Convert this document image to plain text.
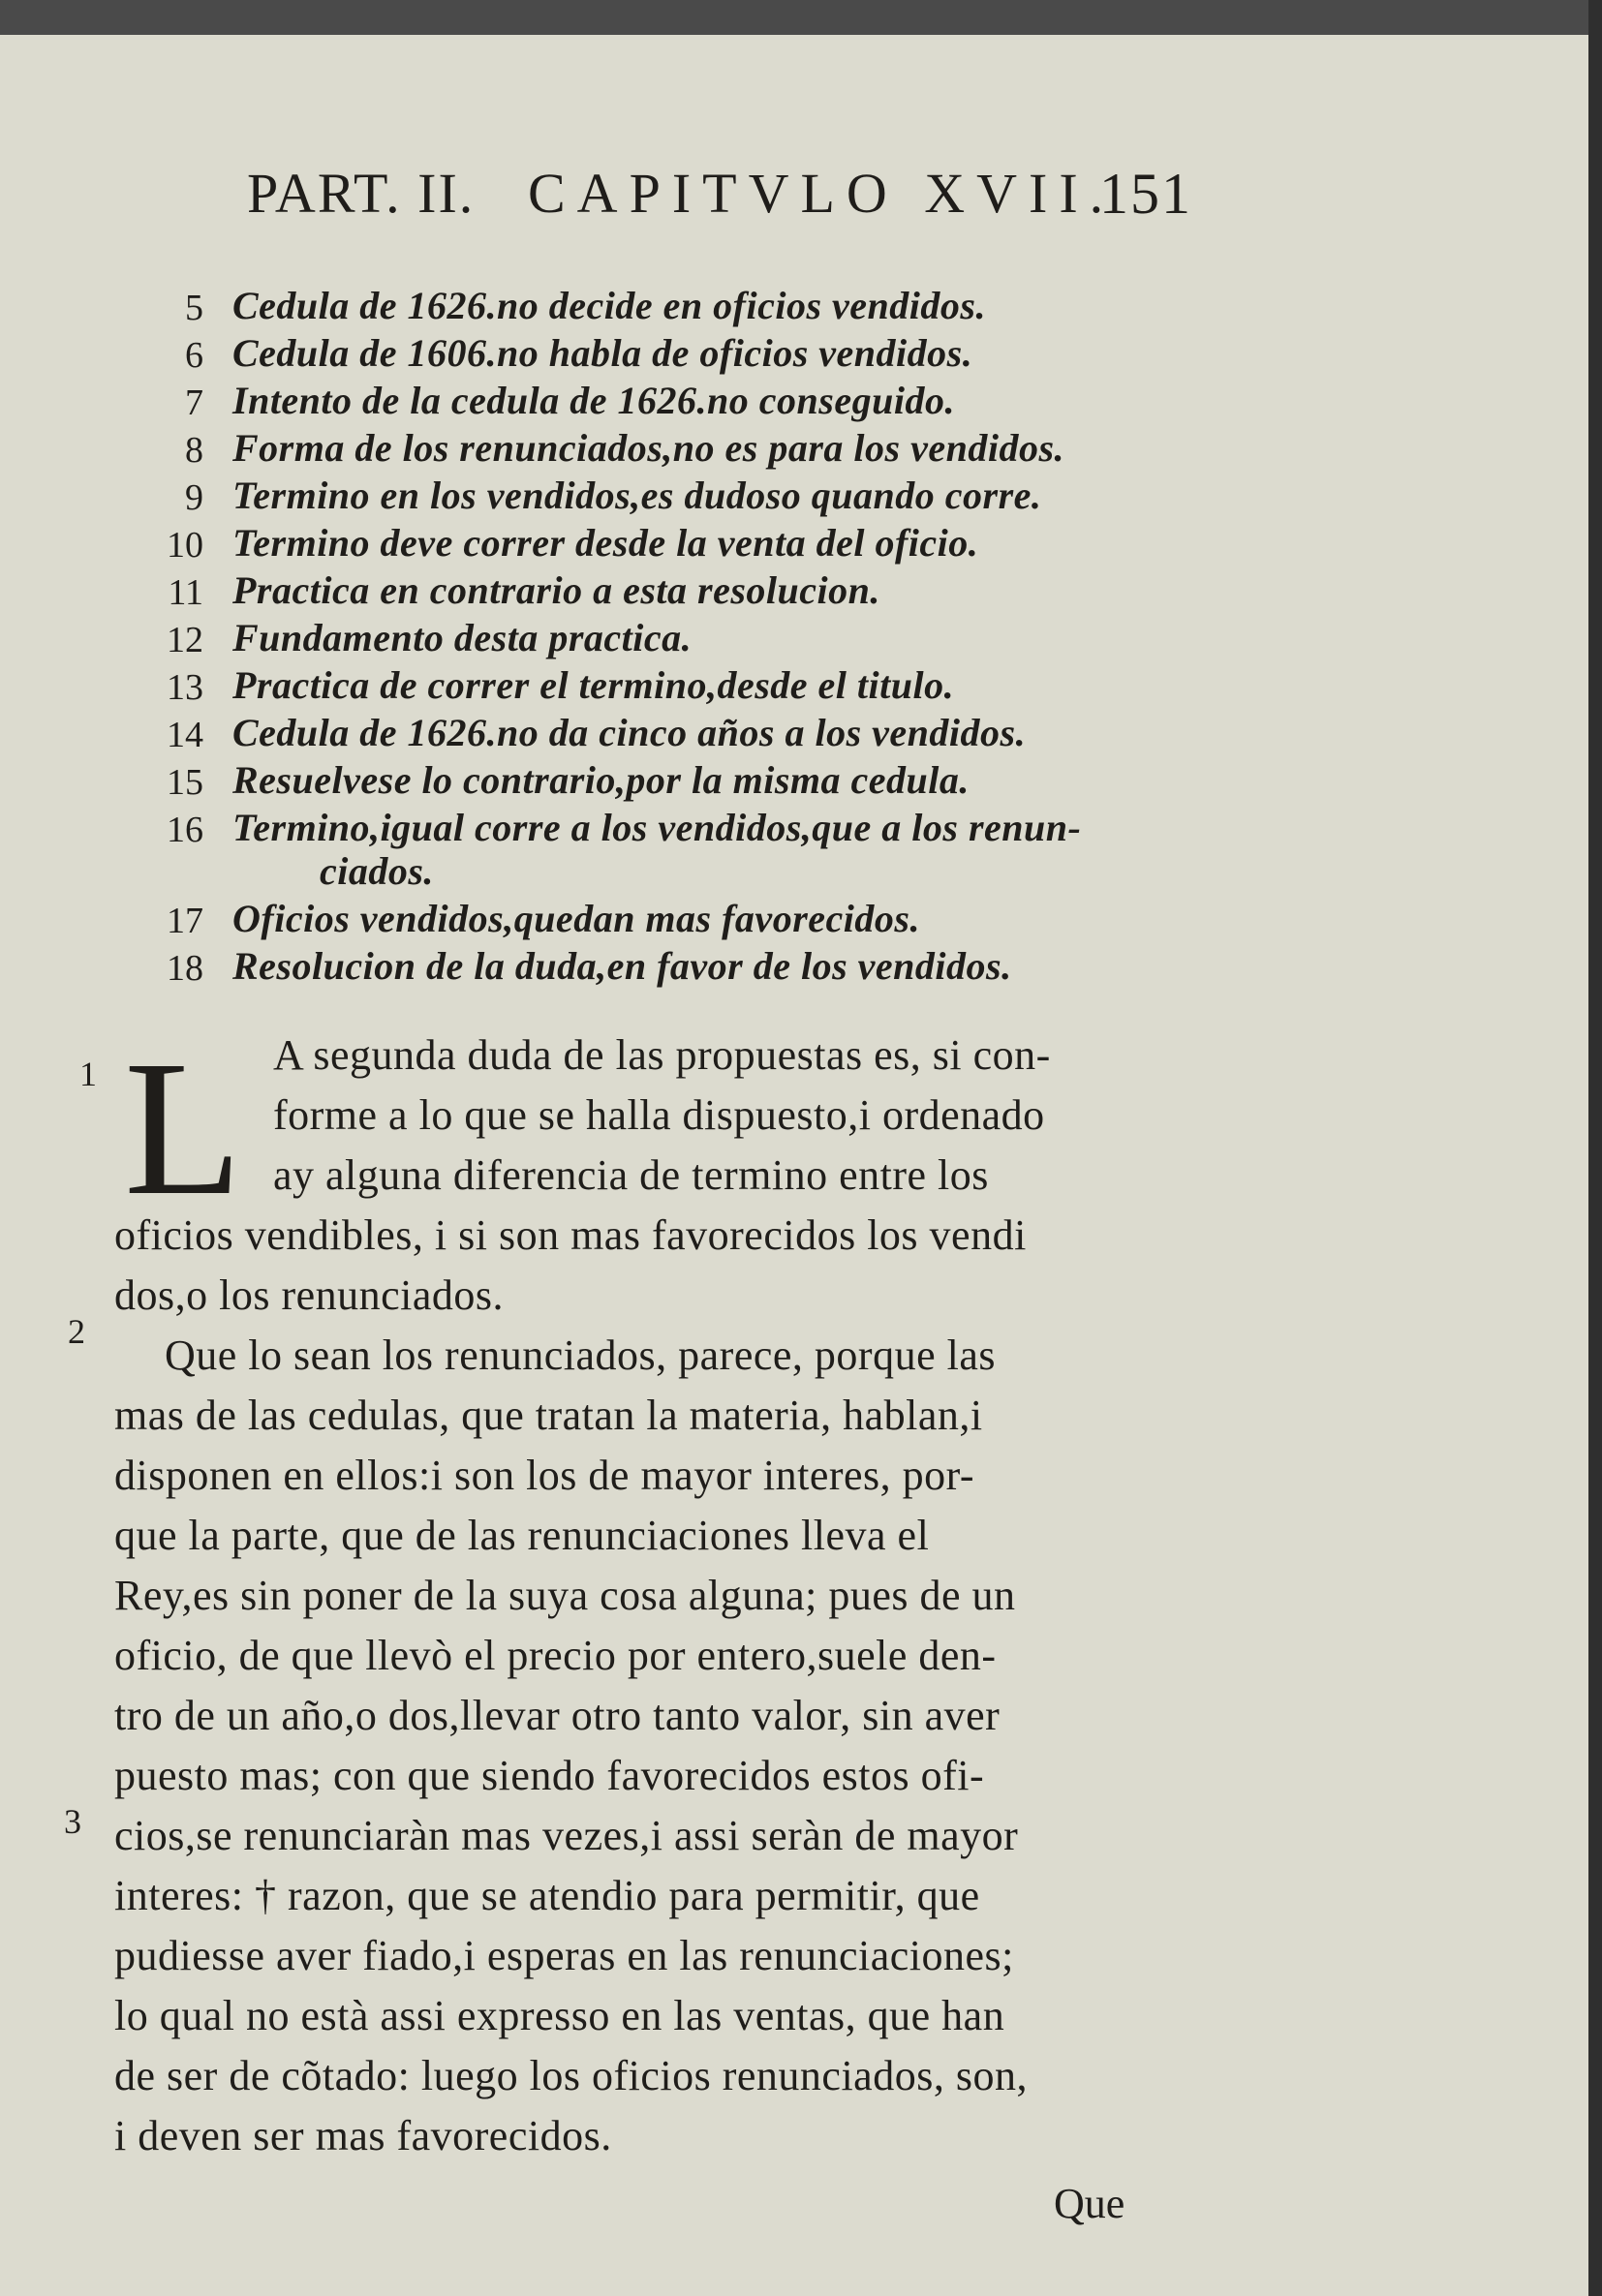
PART. II. CAPITVLO XVII.
151
5 Cedula de 1626.no decide en oficios vendidos.
6 Cedula de 1606.no habla de oficios vendidos.
7 Intento de la cedula de 1626.no conseguido.
8 Forma de los renunciados,no es para los vendidos.
9 Termino en los vendidos,es dudoso quando corre.
10 Termino deve correr desde la venta del oficio.
11 Practica en contrario a esta resolucion.
12 Fundamento desta practica.
13 Practica de correr el termino,desde el titulo.
14 Cedula de 1626.no da cinco años a los vendidos.
15 Resuelvese lo contrario,por la misma cedula.
16 Termino,igual corre a los vendidos,que a los renun-
ciados.
17 Oficios vendidos,quedan mas favorecidos.
18 Resolucion de la duda,en favor de los vendidos.
L
1
2
3
A segunda duda de las propuestas es, si con-
forme a lo que se halla dispuesto,i ordenado
ay alguna diferencia de termino entre los
oficios vendibles, i si son mas favorecidos los vendi
dos,o los renunciados.
Que lo sean los renunciados, parece, porque las
mas de las cedulas, que tratan la materia, hablan,i
disponen en ellos:i son los de mayor interes, por-
que la parte, que de las renunciaciones lleva el
Rey,es sin poner de la suya cosa alguna; pues de un
oficio, de que llevò el precio por entero,suele den-
tro de un año,o dos,llevar otro tanto valor, sin aver
puesto mas; con que siendo favorecidos estos ofi-
cios,se renunciaràn mas vezes,i assi seràn de mayor
interes: † razon, que se atendio para permitir, que
pudiesse aver fiado,i esperas en las renunciaciones;
lo qual no està assi expresso en las ventas, que han
de ser de cõtado: luego los oficios renunciados, son,
i deven ser mas favorecidos.
Que
